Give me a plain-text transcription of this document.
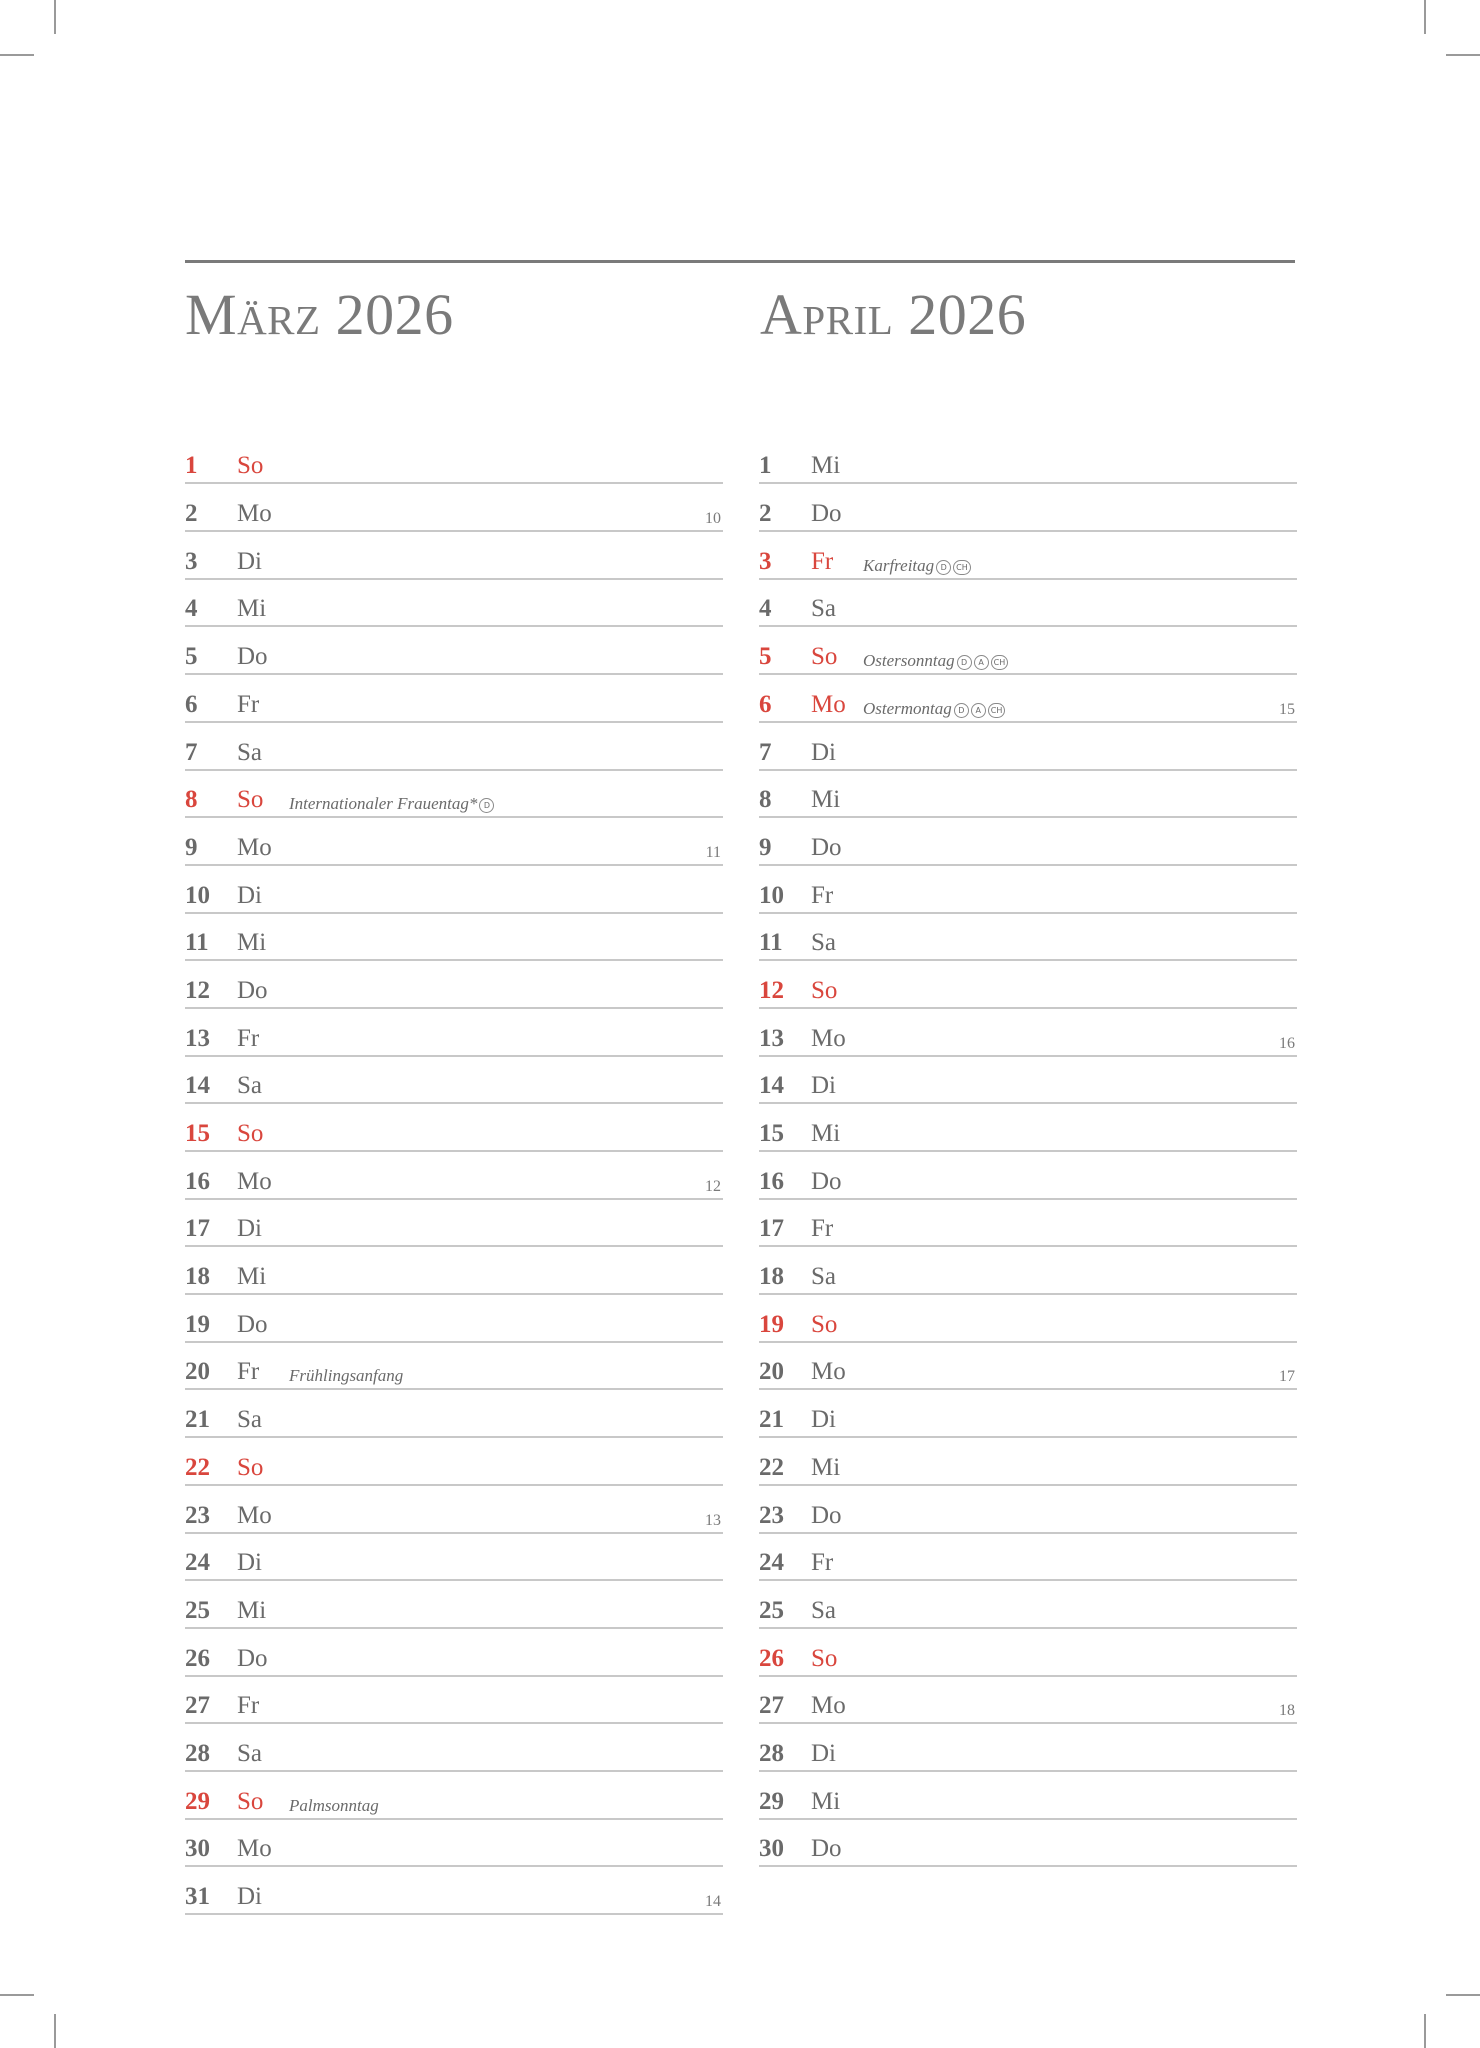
März 2026	April 2026
1 So
2 Mo	10
3 Di
4 Mi
5 Do
6 Fr
7 Sa
8 So Internationaler Frauentag* D
9 Mo	11
10 Di
11 Mi
12 Do
13 Fr
14 Sa
15 So
16 Mo	12
17 Di
18 Mi
19 Do
20 Fr Frühlingsanfang
21 Sa
22 So
23 Mo	13
24 Di
25 Mi
26 Do
27 Fr
28 Sa
29 So Palmsonntag
30 Mo
31 Di	14
1 Mi
2 Do
3 Fr Karfreitag D CH
4 Sa
5 So Ostersonntag D A CH
6 Mo Ostermontag D A CH	15
7 Di
8 Mi
9 Do
10 Fr
11 Sa
12 So
13 Mo	16
14 Di
15 Mi
16 Do
17 Fr
18 Sa
19 So
20 Mo	17
21 Di
22 Mi
23 Do
24 Fr
25 Sa
26 So
27 Mo	18
28 Di
29 Mi
30 Do
